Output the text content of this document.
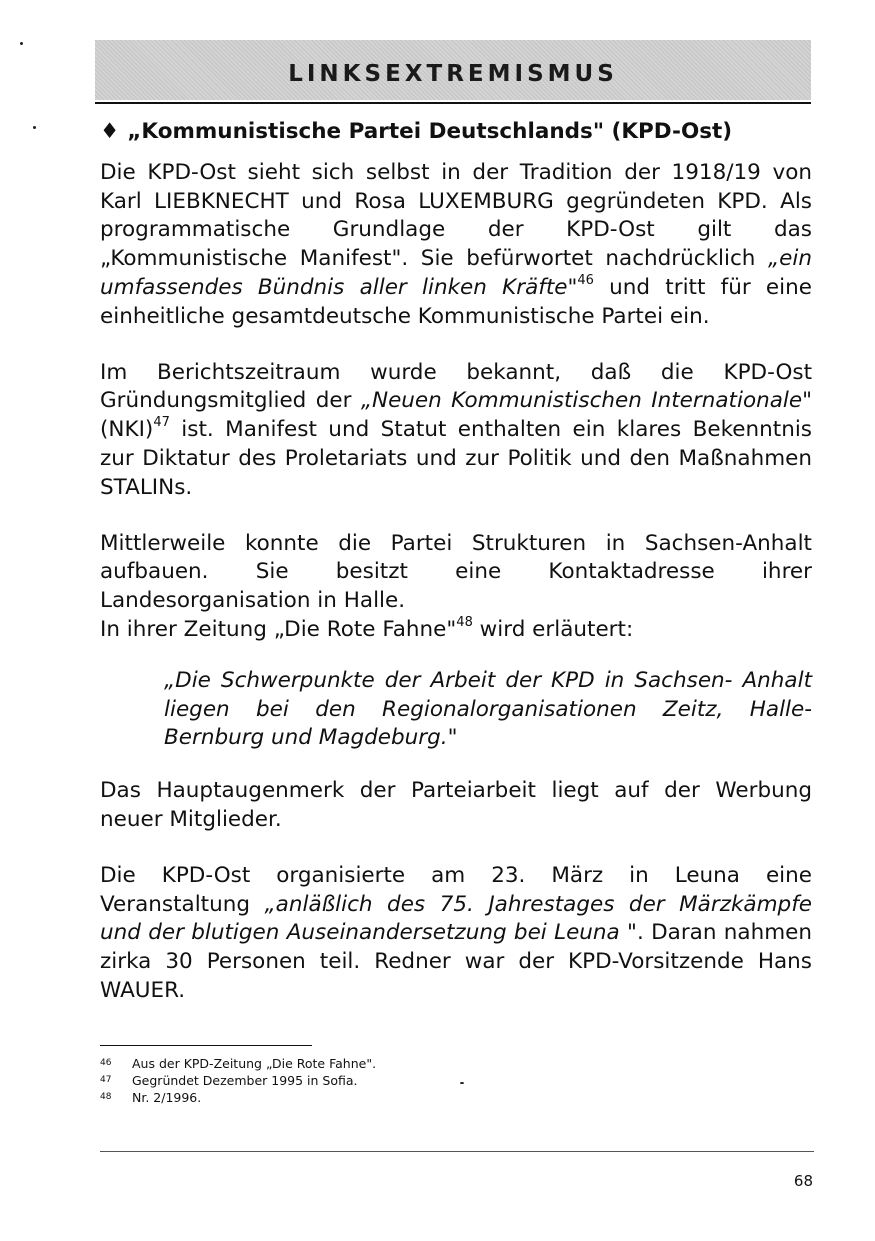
LINKSEXTREMISMUS
♦ „Kommunistische Partei Deutschlands" (KPD-Ost)

Die KPD-Ost sieht sich selbst in der Tradition der 1918/19 von Karl LIEBKNECHT und Rosa LUXEMBURG gegründeten KPD. Als programmatische Grundlage der KPD-Ost gilt das „Kommunistische Manifest". Sie befürwortet nachdrücklich „ein umfassendes Bündnis aller linken Kräfte"$^{46}$ und tritt für eine einheitliche gesamtdeutsche Kommunistische Partei ein.

Im Berichtszeitraum wurde bekannt, daß die KPD-Ost Gründungsmitglied der „Neuen Kommunistischen Internationale" (NKI)$^{47}$ ist. Manifest und Statut enthalten ein klares Bekenntnis zur Diktatur des Proletariats und zur Politik und den Maßnahmen STALINs.

Mittlerweile konnte die Partei Strukturen in Sachsen-Anhalt aufbauen. Sie besitzt eine Kontaktadresse ihrer Landesorganisation in Halle.

In ihrer Zeitung „Die Rote Fahne"$^{48}$ wird erläutert:

„Die Schwerpunkte der Arbeit der KPD in Sachsen- Anhalt liegen bei den Regionalorganisationen Zeitz, Halle-Bernburg und Magdeburg."

Das Hauptaugenmerk der Parteiarbeit liegt auf der Werbung neuer Mitglieder.

Die KPD-Ost organisierte am 23. März in Leuna eine Veranstaltung „anläßlich des 75. Jahrestages der Märzkämpfe und der blutigen Auseinandersetzung bei Leuna ". Daran nahmen zirka 30 Personen teil. Redner war der KPD-Vorsitzende Hans WAUER.

46	Aus der KPD-Zeitung „Die Rote Fahne".
47	Gegründet Dezember 1995 in Sofia.
48	Nr. 2/1996.
68
